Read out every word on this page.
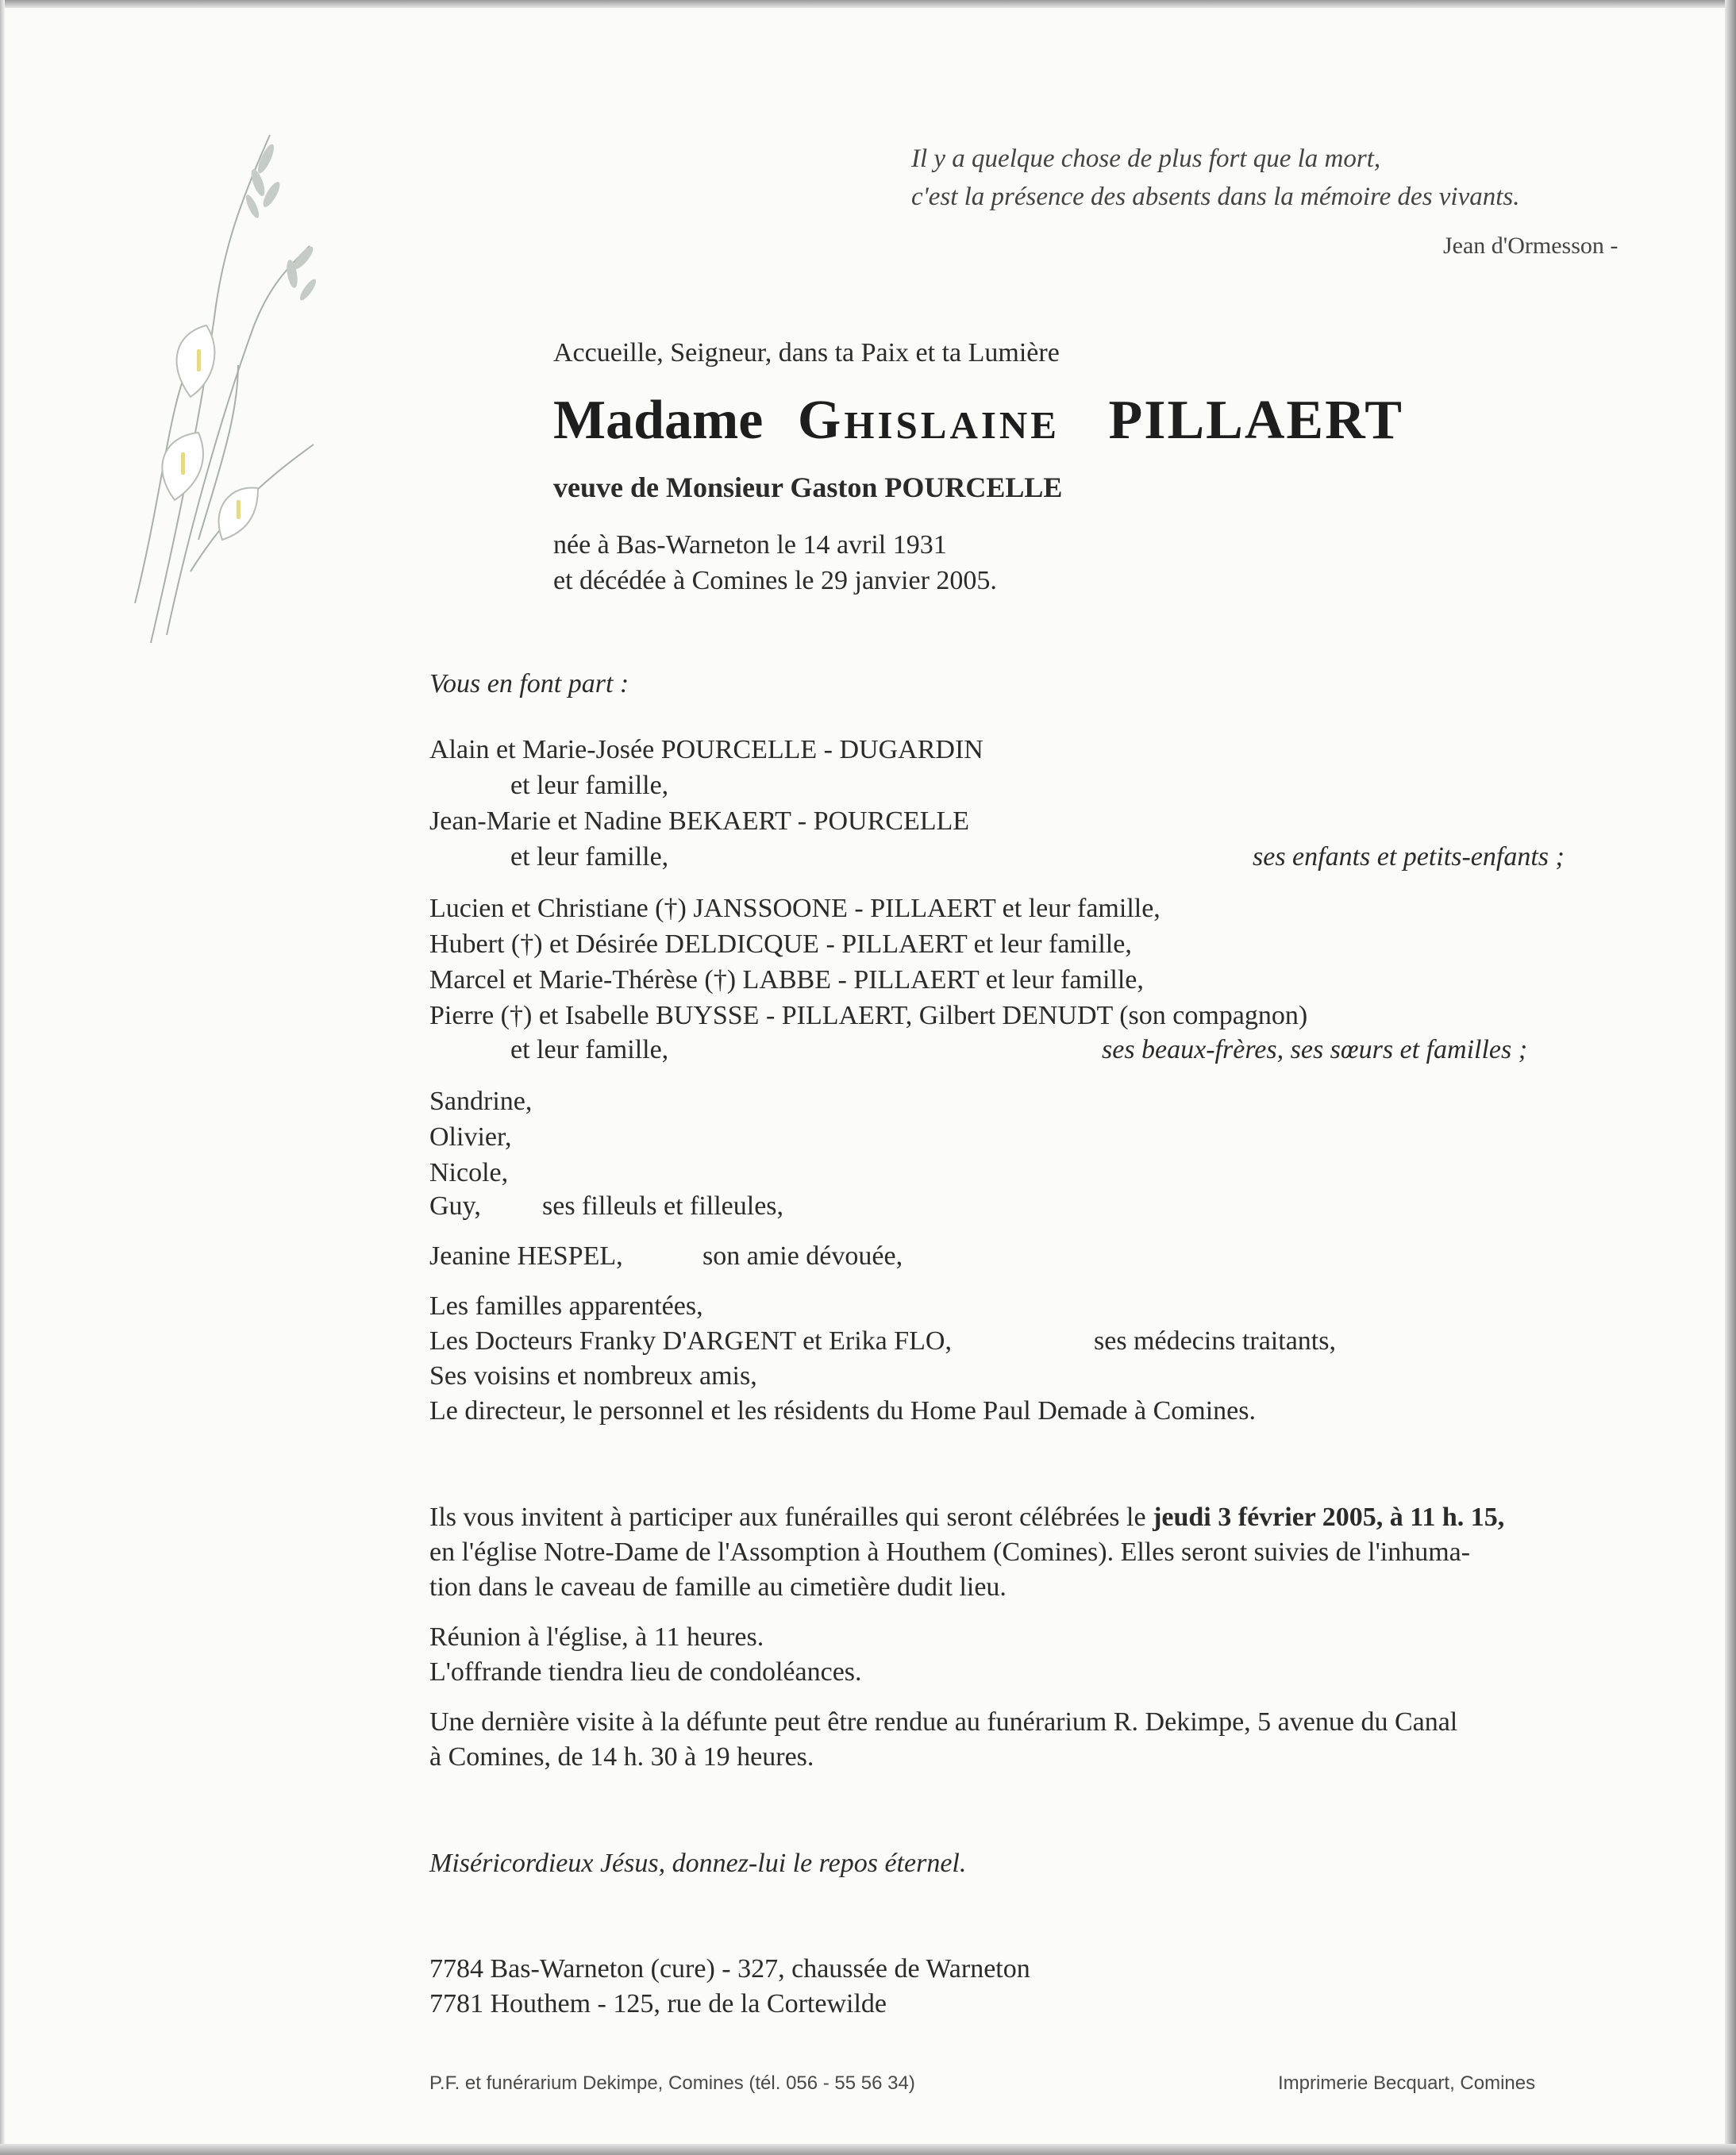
Il y a quelque chose de plus fort que la mort,
c'est la présence des absents dans la mémoire des vivants.
Jean d'Ormesson -
Accueille, Seigneur, dans ta Paix et ta Lumière
Madame Ghislaine PILLAERT
veuve de Monsieur Gaston POURCELLE
née à Bas-Warneton le 14 avril 1931
et décédée à Comines le 29 janvier 2005.
Vous en font part :
Alain et Marie-Josée POURCELLE - DUGARDIN
et leur famille,
Jean-Marie et Nadine BEKAERT - POURCELLE
et leur famille,	ses enfants et petits-enfants ;
Lucien et Christiane (†) JANSSOONE - PILLAERT et leur famille,
Hubert (†) et Désirée DELDICQUE - PILLAERT et leur famille,
Marcel et Marie-Thérèse (†) LABBE - PILLAERT et leur famille,
Pierre (†) et Isabelle BUYSSE - PILLAERT, Gilbert DENUDT (son compagnon)
et leur famille,	ses beaux-frères, ses sœurs et familles ;
Sandrine,
Olivier,
Nicole,
Guy, ses filleuls et filleules,
Jeanine HESPEL,	son amie dévouée,
Les familles apparentées,
Les Docteurs Franky D'ARGENT et Erika FLO,	ses médecins traitants,
Ses voisins et nombreux amis,
Le directeur, le personnel et les résidents du Home Paul Demade à Comines.
Ils vous invitent à participer aux funérailles qui seront célébrées le jeudi 3 février 2005, à 11 h. 15,
en l'église Notre-Dame de l'Assomption à Houthem (Comines). Elles seront suivies de l'inhuma-
tion dans le caveau de famille au cimetière dudit lieu.
Réunion à l'église, à 11 heures.
L'offrande tiendra lieu de condoléances.
Une dernière visite à la défunte peut être rendue au funérarium R. Dekimpe, 5 avenue du Canal
à Comines, de 14 h. 30 à 19 heures.
Miséricordieux Jésus, donnez-lui le repos éternel.
7784 Bas-Warneton (cure) - 327, chaussée de Warneton
7781 Houthem - 125, rue de la Cortewilde
P.F. et funérarium Dekimpe, Comines (tél. 056 - 55 56 34)	Imprimerie Becquart, Comines
